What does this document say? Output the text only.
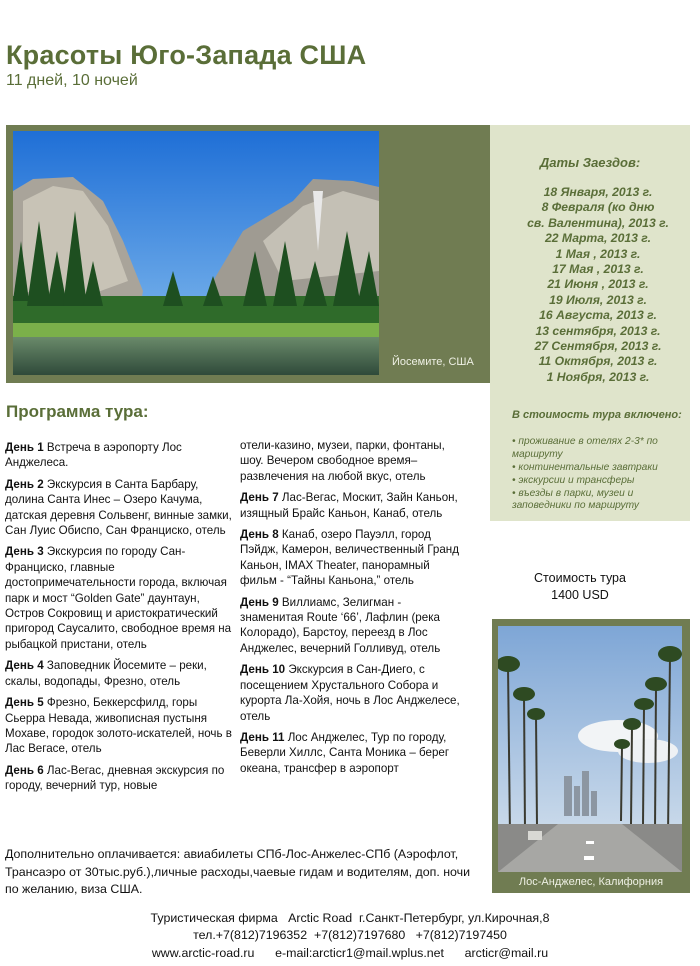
Красоты Юго-Запада США
11 дней, 10 ночей
Йосемите, США
Даты Заездов:
18 Января, 2013 г.
8 Февраля (ко дню
св. Валентина), 2013 г.
22 Марта, 2013 г.
1 Мая , 2013 г.
17 Мая , 2013 г.
21 Июня , 2013 г.
19 Июля, 2013 г.
16 Августа, 2013 г.
13 сентября, 2013 г.
27 Сентября, 2013 г.
11 Октября, 2013 г.
1 Ноября, 2013 г.
В стоимость тура включено:
• проживание в отелях 2-3* по маршруту
• континентальные завтраки
• экскурсии и трансферы
• въезды в парки, музеи и заповедники по маршруту
Программа тура:
День 1 Встреча в аэропорту Лос Анджелеса.
День 2 Экскурсия в Санта Барбару, долина Санта Инес – Озеро Качума, датская деревня Сольвенг, винные замки, Сан Луис Обиспо, Сан Франциско, отель
День 3 Экскурсия по городу Сан-Франциско, главные достопримечательности города, включая парк и мост “Golden Gate” даунтаун, Остров Сокровищ и аристократический пригород Саусалито, свободное время на рыбацкой пристани, отель
День 4 Заповедник Йосемите – реки, скалы, водопады, Фрезно, отель
День 5 Фрезно, Беккерсфилд, горы Сьерра Невада, живописная пустыня Мохаве, городок золото-искателей, ночь в Лас Вегасе, отель
День 6 Лас-Вегас, дневная экскурсия по городу, вечерний тур, новые
отели-казино, музеи, парки, фонтаны, шоу. Вечером свободное время– развлечения на любой вкус, отель
День 7 Лас-Вегас, Москит, Зайн Каньон, изящный Брайс Каньон, Канаб, отель
День 8 Канаб, озеро Пауэлл, город Пэйдж, Камерон, величественный Гранд Каньон, IMAX Theater, панорамный фильм - “Тайны Каньона,” отель
День 9 Виллиамс, Зелигман - знаменитая Route ‘66’, Лафлин (река Колорадо), Барстоу, переезд в Лос Анджелес, вечерний Голливуд, отель
День 10 Экскурсия в Сан-Диего, с посещением Хрустального Собора и курорта Ла-Хойя, ночь в Лос Анджелесе, отель
День 11 Лос Анджелес, Тур по городу, Беверли Хиллс, Санта Моника – берег океана, трансфер в аэропорт
Стоимость тура
1400 USD
Лос-Анджелес, Калифорния
Дополнительно оплачивается: авиабилеты СПб-Лос-Анжелес-СПб (Аэрофлот, Трансаэро от 30тыс.руб.),личные расходы,чаевые гидам и водителям, доп. ночи по желанию, виза США.
Туристическая фирма   Arctic Road  г.Санкт-Петербург, ул.Кирочная,8
тел.+7(812)7196352  +7(812)7197680   +7(812)7197450
www.arctic-road.ru      e-mail:arcticr1@mail.wplus.net      arcticr@mail.ru
